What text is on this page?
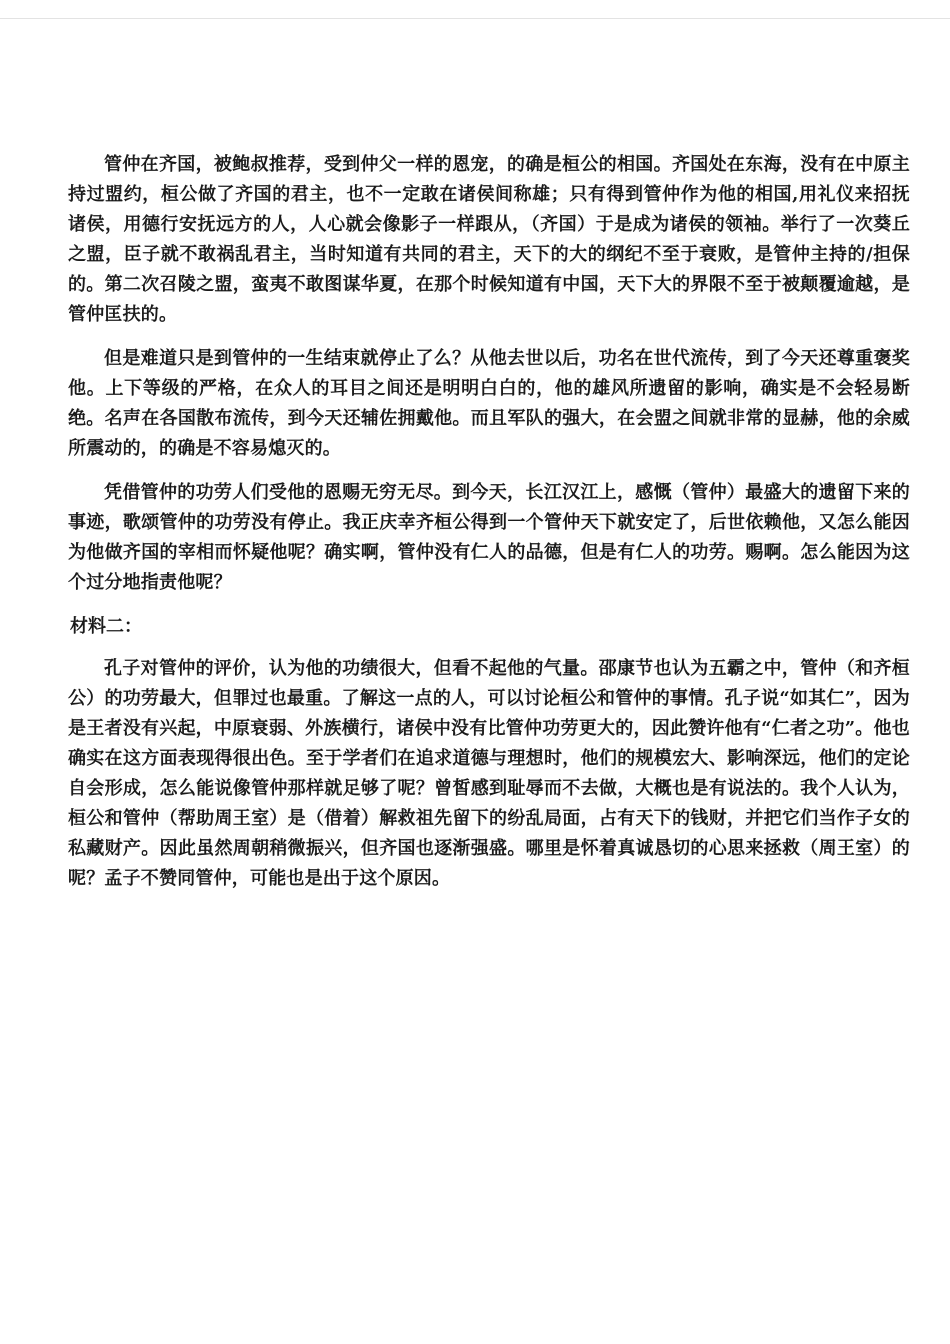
管仲在齐国，被鲍叔推荐，受到仲父一样的恩宠，的确是桓公的相国。齐国处在东海，没有在中原主持过盟约，桓公做了齐国的君主，也不一定敢在诸侯间称雄；只有得到管仲作为他的相国,用礼仪来招抚诸侯，用德行安抚远方的人，人心就会像影子一样跟从，（齐国）于是成为诸侯的领袖。举行了一次葵丘之盟，臣子就不敢祸乱君主，当时知道有共同的君主，天下的大的纲纪不至于衰败，是管仲主持的/担保的。第二次召陵之盟，蛮夷不敢图谋华夏，在那个时候知道有中国，天下大的界限不至于被颠覆逾越，是管仲匡扶的。

但是难道只是到管仲的一生结束就停止了么？从他去世以后，功名在世代流传，到了今天还尊重褒奖他。上下等级的严格，在众人的耳目之间还是明明白白的，他的雄风所遗留的影响，确实是不会轻易断绝。名声在各国散布流传，到今天还辅佐拥戴他。而且军队的强大，在会盟之间就非常的显赫，他的余威所震动的，的确是不容易熄灭的。

凭借管仲的功劳人们受他的恩赐无穷无尽。到今天，长江汉江上，感慨（管仲）最盛大的遗留下来的事迹，歌颂管仲的功劳没有停止。我正庆幸齐桓公得到一个管仲天下就安定了，后世依赖他，又怎么能因为他做齐国的宰相而怀疑他呢？确实啊，管仲没有仁人的品德，但是有仁人的功劳。赐啊。怎么能因为这个过分地指责他呢？

材料二：

孔子对管仲的评价，认为他的功绩很大，但看不起他的气量。邵康节也认为五霸之中，管仲（和齐桓公）的功劳最大，但罪过也最重。了解这一点的人，可以讨论桓公和管仲的事情。孔子说“如其仁”，因为是王者没有兴起，中原衰弱、外族横行，诸侯中没有比管仲功劳更大的，因此赞许他有“仁者之功”。他也确实在这方面表现得很出色。至于学者们在追求道德与理想时，他们的规模宏大、影响深远，他们的定论自会形成，怎么能说像管仲那样就足够了呢？曾皙感到耻辱而不去做，大概也是有说法的。我个人认为，桓公和管仲（帮助周王室）是（借着）解救祖先留下的纷乱局面，占有天下的钱财，并把它们当作子女的私藏财产。因此虽然周朝稍微振兴，但齐国也逐渐强盛。哪里是怀着真诚恳切的心思来拯救（周王室）的呢？孟子不赞同管仲，可能也是出于这个原因。
